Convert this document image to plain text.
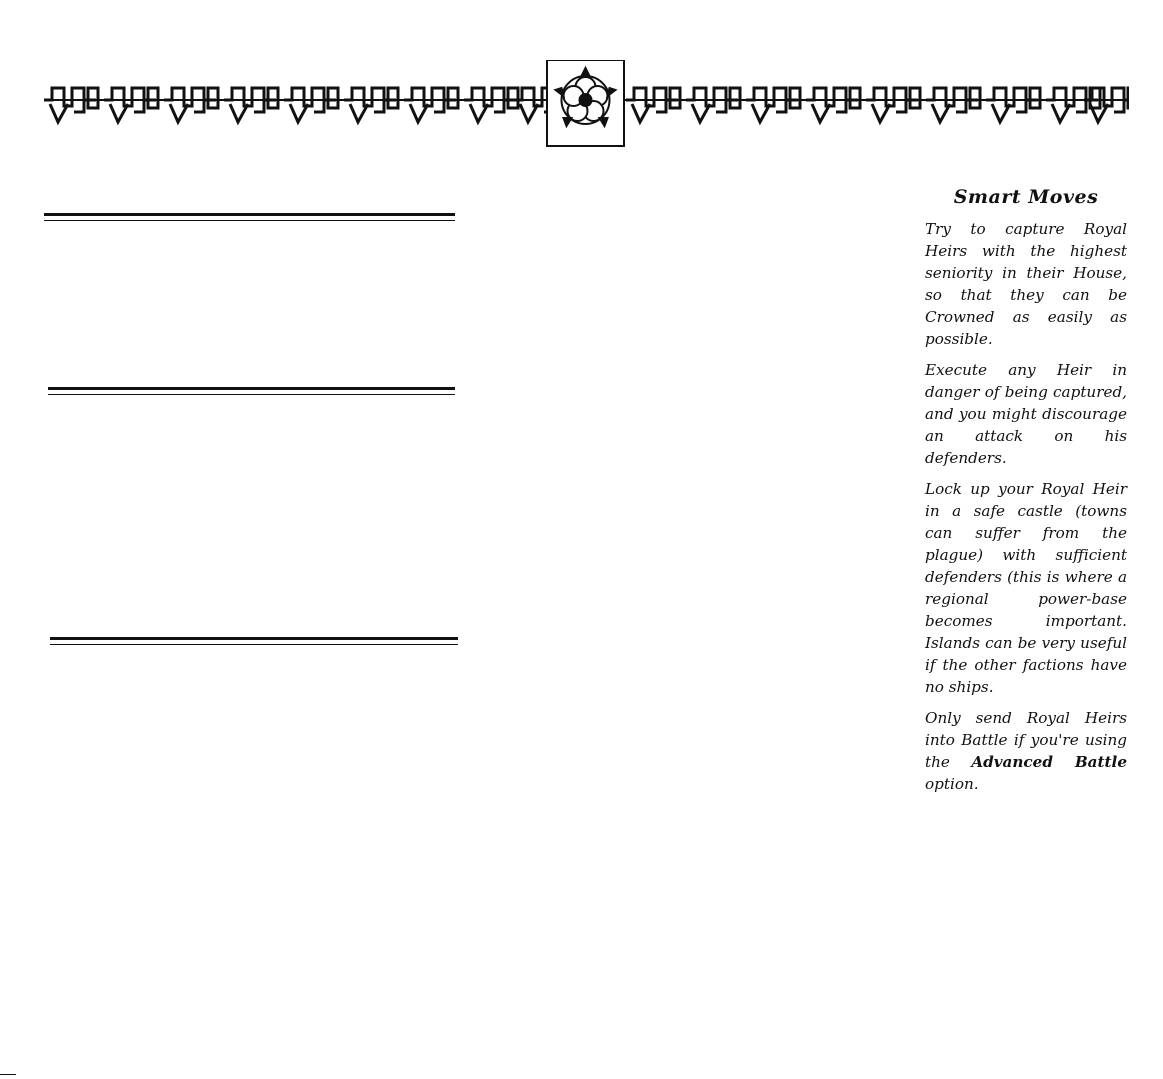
Smart Moves

Try to capture Royal Heirs with the highest seniority in their House, so that they can be Crowned as easily as possible.

Execute any Heir in danger of being captured, and you might discourage an attack on his defenders.

Lock up your Royal Heir in a safe castle (towns can suffer from the plague) with sufficient defenders (this is where a regional power-base becomes important. Islands can be very useful if the other factions have no ships.

Only send Royal Heirs into Battle if you're using the Advanced Battle option.
